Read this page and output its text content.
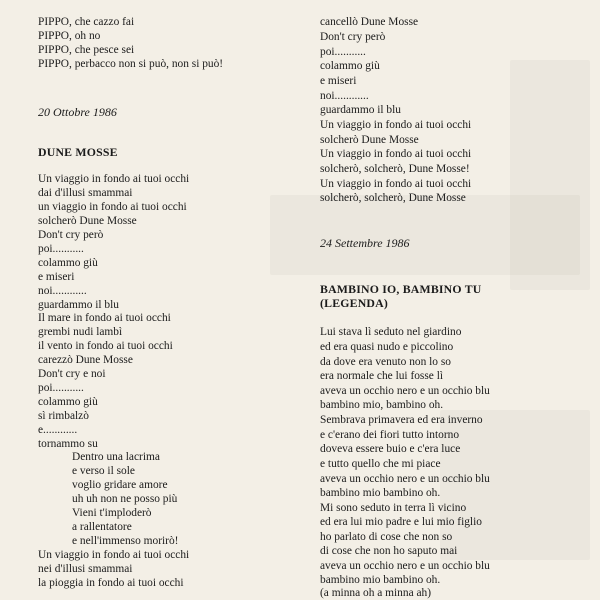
PIPPO, che cazzo fai
PIPPO, oh no
PIPPO, che pesce sei
PIPPO, perbacco non si può, non si può!
20 Ottobre 1986
DUNE MOSSE
Un viaggio in fondo ai tuoi occhi
dai d'illusi smammai
un viaggio in fondo ai tuoi occhi
solcherò Dune Mosse
Don't cry però
poi...........
colammo giù
e miseri
noi............
guardammo il blu
Il mare in fondo ai tuoi occhi
grembi nudi lambì
il vento in fondo ai tuoi occhi
carezzò Dune Mosse
Don't cry e noi
poi...........
colammo giù
sì rimbalzò
e............
tornammo su
Dentro una lacrima
e verso il sole
voglio gridare amore
uh uh non ne posso più
Vieni t'imploderò
a rallentatore
e nell'immenso morirò!
cancellò Dune Mosse
Don't cry però
poi...........
colammo giù
e miseri
noi............
guardammo il blu
Un viaggio in fondo ai tuoi occhi
solcherò Dune Mosse
Un viaggio in fondo ai tuoi occhi
solcherò, solcherò, Dune Mosse!
Un viaggio in fondo ai tuoi occhi
solcherò, solcherò, Dune Mosse
24 Settembre 1986
BAMBINO IO, BAMBINO TU
(LEGENDA)
Lui stava lì seduto nel giardino
ed era quasi nudo e piccolino
da dove era venuto non lo so
era normale che lui fosse lì
aveva un occhio nero e un occhio blu
bambino mio, bambino oh.
Sembrava primavera ed era inverno
e c'erano dei fiori tutto intorno
doveva essere buio e c'era luce
e tutto quello che mi piace
aveva un occhio nero e un occhio blu
bambino mio bambino oh.
Mi sono seduto in terra lì vicino
ed era lui mio padre e lui mio figlio
ho parlato di cose che non so
di cose che non ho saputo mai
aveva un occhio nero e un occhio blu
bambino mio bambino oh.
(a minna oh a minna ah)
Un viaggio in fondo ai tuoi occhi
nei d'illusi smammai
la pioggia in fondo ai tuoi occhi
